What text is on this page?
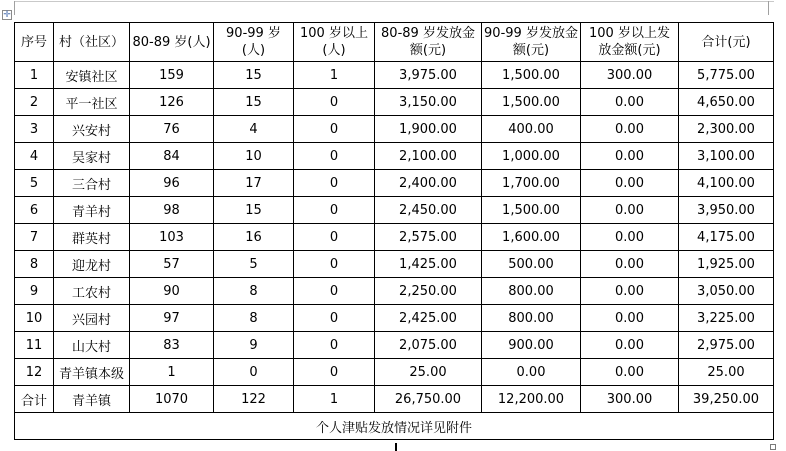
✛
序号	村（社区）	80-89 岁(人)	90-99 岁(人)	100 岁以上(人)	80-89 岁发放金额(元)	90-99 岁发放金额(元)	100 岁以上发放金额(元)	合计(元)
1	安镇社区	159	15	1	3,975.00	1,500.00	300.00	5,775.00
2	平一社区	126	15	0	3,150.00	1,500.00	0.00	4,650.00
3	兴安村	76	4	0	1,900.00	400.00	0.00	2,300.00
4	吴家村	84	10	0	2,100.00	1,000.00	0.00	3,100.00
5	三合村	96	17	0	2,400.00	1,700.00	0.00	4,100.00
6	青羊村	98	15	0	2,450.00	1,500.00	0.00	3,950.00
7	群英村	103	16	0	2,575.00	1,600.00	0.00	4,175.00
8	迎龙村	57	5	0	1,425.00	500.00	0.00	1,925.00
9	工农村	90	8	0	2,250.00	800.00	0.00	3,050.00
10	兴园村	97	8	0	2,425.00	800.00	0.00	3,225.00
11	山大村	83	9	0	2,075.00	900.00	0.00	2,975.00
12	青羊镇本级	1	0	0	25.00	0.00	0.00	25.00
合计	青羊镇	1070	122	1	26,750.00	12,200.00	300.00	39,250.00
个人津贴发放情况详见附件								
